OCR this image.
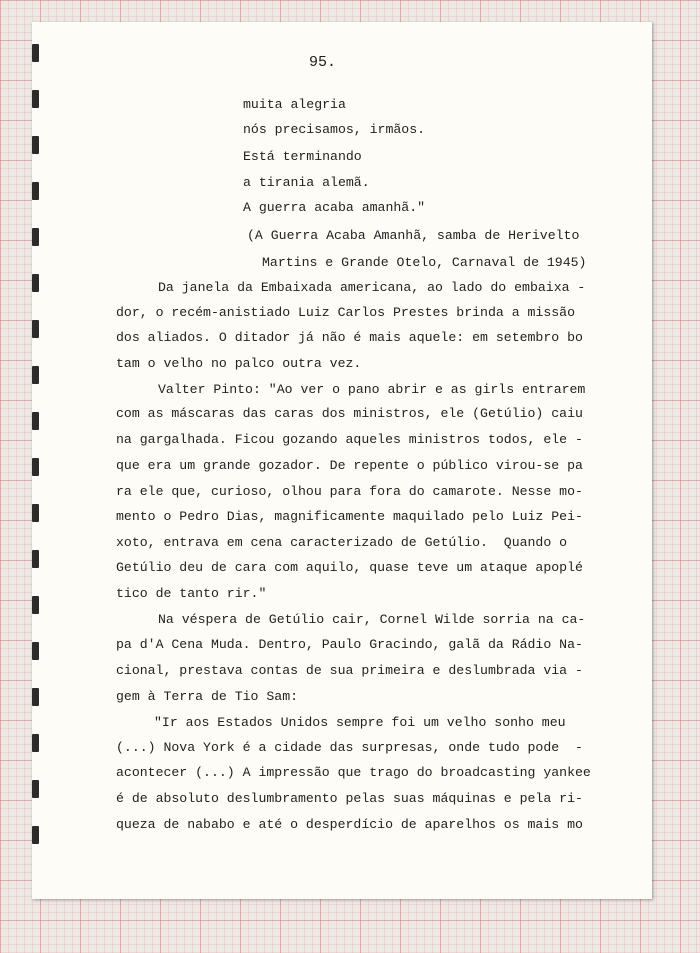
95.
muita alegria
nós precisamos, irmãos.
Está terminando
a tirania alemã.
A guerra acaba amanhã."
(A Guerra Acaba Amanhã, samba de Herivelto
Martins e Grande Otelo, Carnaval de 1945)
Da janela da Embaixada americana, ao lado do embaixa -
dor, o recém-anistiado Luiz Carlos Prestes brinda a missão
dos aliados. O ditador já não é mais aquele: em setembro bo
tam o velho no palco outra vez.
Valter Pinto: "Ao ver o pano abrir e as girls entrarem
com as máscaras das caras dos ministros, ele (Getúlio) caiu
na gargalhada. Ficou gozando aqueles ministros todos, ele -
que era um grande gozador. De repente o público virou-se pa
ra ele que, curioso, olhou para fora do camarote. Nesse mo-
mento o Pedro Dias, magnificamente maquilado pelo Luiz Pei-
xoto, entrava em cena caracterizado de Getúlio.  Quando o
Getúlio deu de cara com aquilo, quase teve um ataque apoplé
tico de tanto rir."
Na véspera de Getúlio cair, Cornel Wilde sorria na ca-
pa d'A Cena Muda. Dentro, Paulo Gracindo, galã da Rádio Na-
cional, prestava contas de sua primeira e deslumbrada via -
gem à Terra de Tio Sam:
"Ir aos Estados Unidos sempre foi um velho sonho meu
(...) Nova York é a cidade das surpresas, onde tudo pode  -
acontecer (...) A impressão que trago do broadcasting yankee
é de absoluto deslumbramento pelas suas máquinas e pela ri-
queza de nababo e até o desperdício de aparelhos os mais mo
